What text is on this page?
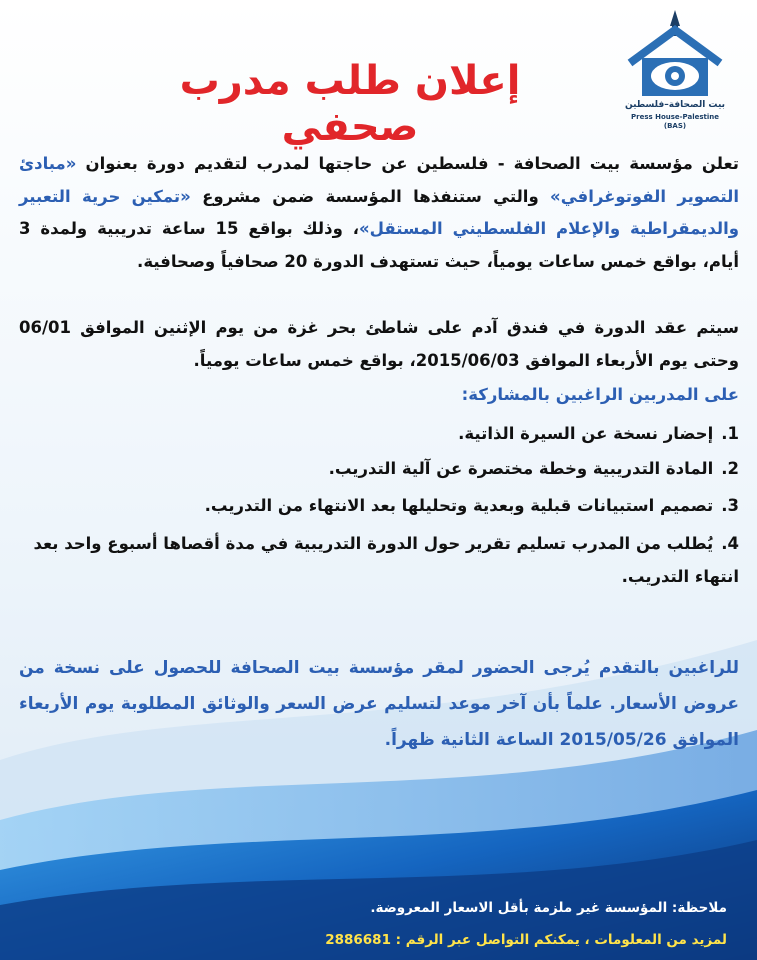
بيت الصحافة–فلسطين
Press House-Palestine
(BAS)
إعلان طلب مدرب صحفي
تعلن مؤسسة بيت الصحافة - فلسطين عن حاجتها لمدرب لتقديم دورة بعنوان «مبادئ التصوير الفوتوغرافي» والتي ستنفذها المؤسسة ضمن مشروع «تمكين حرية التعبير والديمقراطية والإعلام الفلسطيني المستقل»، وذلك بواقع 15 ساعة تدريبية ولمدة 3 أيام، بواقع خمس ساعات يومياً، حيث تستهدف الدورة 20 صحافياً وصحافية.
سيتم عقد الدورة في فندق آدم على شاطئ بحر غزة من يوم الإثنين الموافق 06/01 وحتى يوم الأربعاء الموافق 2015/06/03، بواقع خمس ساعات يومياً.
على المدربين الراغبين بالمشاركة:
1.إحضار نسخة عن السيرة الذاتية.
2.المادة التدريبية وخطة مختصرة عن آلية التدريب.
3.تصميم استبيانات قبلية وبعدية وتحليلها بعد الانتهاء من التدريب.
4.يُطلب من المدرب تسليم تقرير حول الدورة التدريبية في مدة أقصاها أسبوع واحد بعد انتهاء التدريب.
للراغبين بالتقدم يُرجى الحضور لمقر مؤسسة بيت الصحافة للحصول على نسخة من عروض الأسعار. علماً بأن آخر موعد لتسليم عرض السعر والوثائق المطلوبة يوم الأربعاء الموافق 2015/05/26 الساعة الثانية ظهراً.
ملاحظة: المؤسسة غير ملزمة بأقل الاسعار المعروضة.
لمزيد من المعلومات ، يمكنكم التواصل عبر الرقم : 2886681
